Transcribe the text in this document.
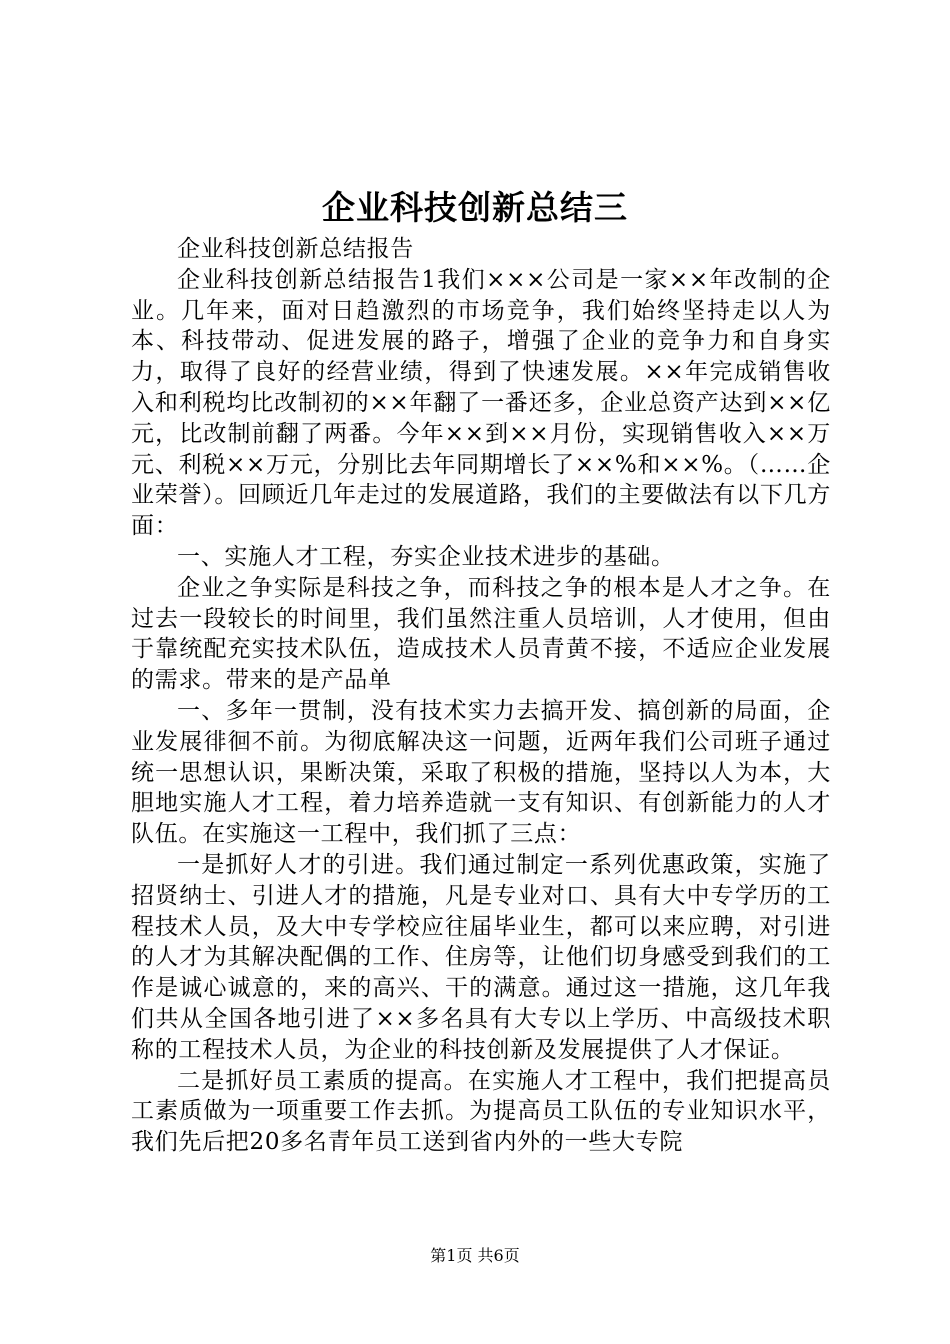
企业科技创新总结三

企业科技创新总结报告

企业科技创新总结报告1我们×××公司是一家××年改制的企业。几年来，面对日趋激烈的市场竞争，我们始终坚持走以人为本、科技带动、促进发展的路子，增强了企业的竞争力和自身实力，取得了良好的经营业绩，得到了快速发展。××年完成销售收入和利税均比改制初的××年翻了一番还多，企业总资产达到××亿元，比改制前翻了两番。今年××到××月份，实现销售收入××万元、利税××万元，分别比去年同期增长了××%和××%。（……企业荣誉）。回顾近几年走过的发展道路，我们的主要做法有以下几方面：

一、实施人才工程，夯实企业技术进步的基础。

企业之争实际是科技之争，而科技之争的根本是人才之争。在过去一段较长的时间里，我们虽然注重人员培训，人才使用，但由于靠统配充实技术队伍，造成技术人员青黄不接，不适应企业发展的需求。带来的是产品单

一、多年一贯制，没有技术实力去搞开发、搞创新的局面，企业发展徘徊不前。为彻底解决这一问题，近两年我们公司班子通过统一思想认识，果断决策，采取了积极的措施，坚持以人为本，大胆地实施人才工程，着力培养造就一支有知识、有创新能力的人才队伍。在实施这一工程中，我们抓了三点：

一是抓好人才的引进。我们通过制定一系列优惠政策，实施了招贤纳士、引进人才的措施，凡是专业对口、具有大中专学历的工程技术人员，及大中专学校应往届毕业生，都可以来应聘，对引进的人才为其解决配偶的工作、住房等，让他们切身感受到我们的工作是诚心诚意的，来的高兴、干的满意。通过这一措施，这几年我们共从全国各地引进了××多名具有大专以上学历、中高级技术职称的工程技术人员，为企业的科技创新及发展提供了人才保证。

二是抓好员工素质的提高。在实施人才工程中，我们把提高员工素质做为一项重要工作去抓。为提高员工队伍的专业知识水平，我们先后把20多名青年员工送到省内外的一些大专院

第1页 共6页
